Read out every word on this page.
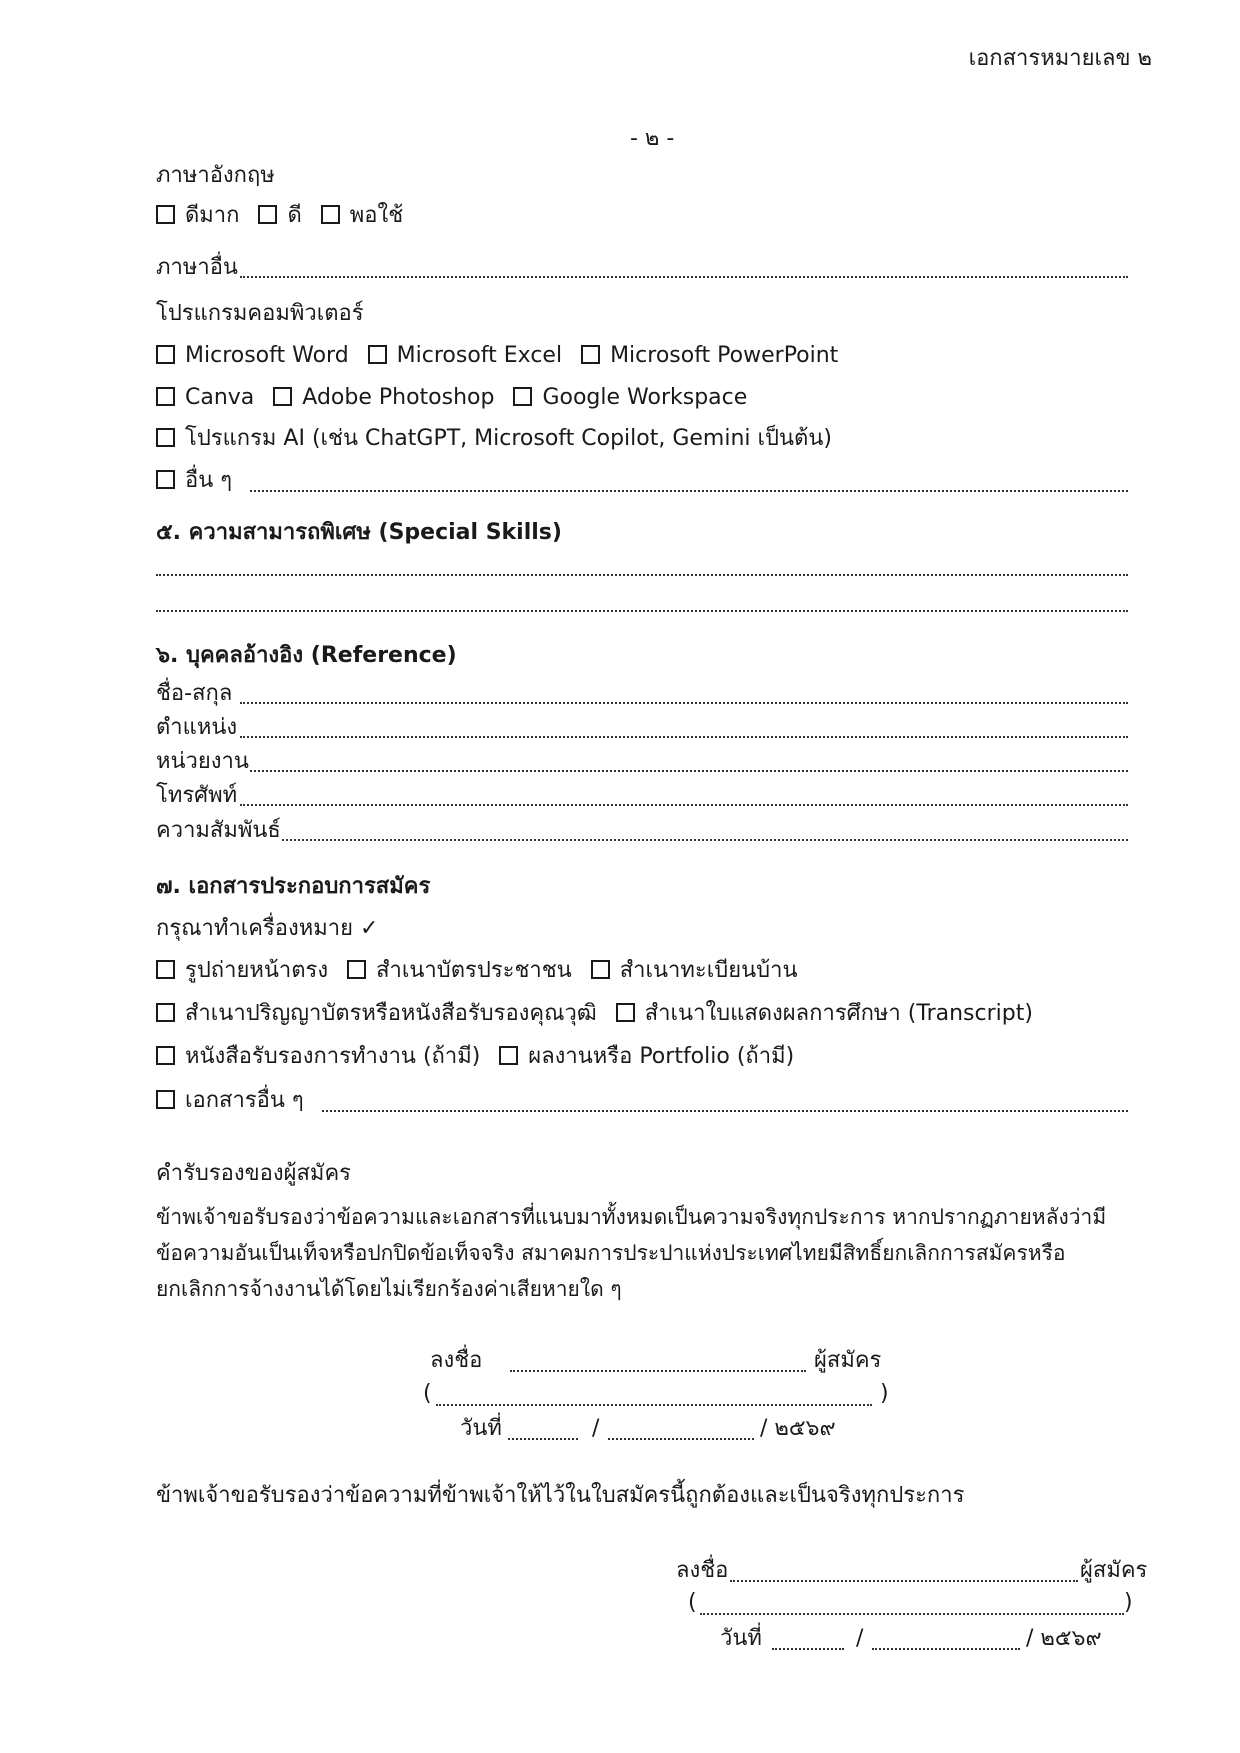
เอกสารหมายเลข ๒
- ๒ -
ภาษาอังกฤษ
ดีมาก ดี พอใช้
ภาษาอื่น
โปรแกรมคอมพิวเตอร์
Microsoft Word Microsoft Excel Microsoft PowerPoint
Canva Adobe Photoshop Google Workspace
โปรแกรม AI (เช่น ChatGPT, Microsoft Copilot, Gemini เป็นต้น)
อื่น ๆ
๕. ความสามารถพิเศษ (Special Skills)
๖. บุคคลอ้างอิง (Reference)
ชื่อ-สกุล
ตำแหน่ง
หน่วยงาน
โทรศัพท์
ความสัมพันธ์
๗. เอกสารประกอบการสมัคร
กรุณาทำเครื่องหมาย ✓
รูปถ่ายหน้าตรง สำเนาบัตรประชาชน สำเนาทะเบียนบ้าน
สำเนาปริญญาบัตรหรือหนังสือรับรองคุณวุฒิ สำเนาใบแสดงผลการศึกษา (Transcript)
หนังสือรับรองการทำงาน (ถ้ามี) ผลงานหรือ Portfolio (ถ้ามี)
เอกสารอื่น ๆ
คำรับรองของผู้สมัคร
ข้าพเจ้าขอรับรองว่าข้อความและเอกสารที่แนบมาทั้งหมดเป็นความจริงทุกประการ หากปรากฏภายหลังว่ามี
ข้อความอันเป็นเท็จหรือปกปิดข้อเท็จจริง สมาคมการประปาแห่งประเทศไทยมีสิทธิ์ยกเลิกการสมัครหรือ
ยกเลิกการจ้างงานได้โดยไม่เรียกร้องค่าเสียหายใด ๆ
ลงชื่อ	ผู้สมัคร
(	)
วันที่	/	/ ๒๕๖๙
ข้าพเจ้าขอรับรองว่าข้อความที่ข้าพเจ้าให้ไว้ในใบสมัครนี้ถูกต้องและเป็นจริงทุกประการ
ลงชื่อ	ผู้สมัคร
(	)
วันที่	/	/ ๒๕๖๙
